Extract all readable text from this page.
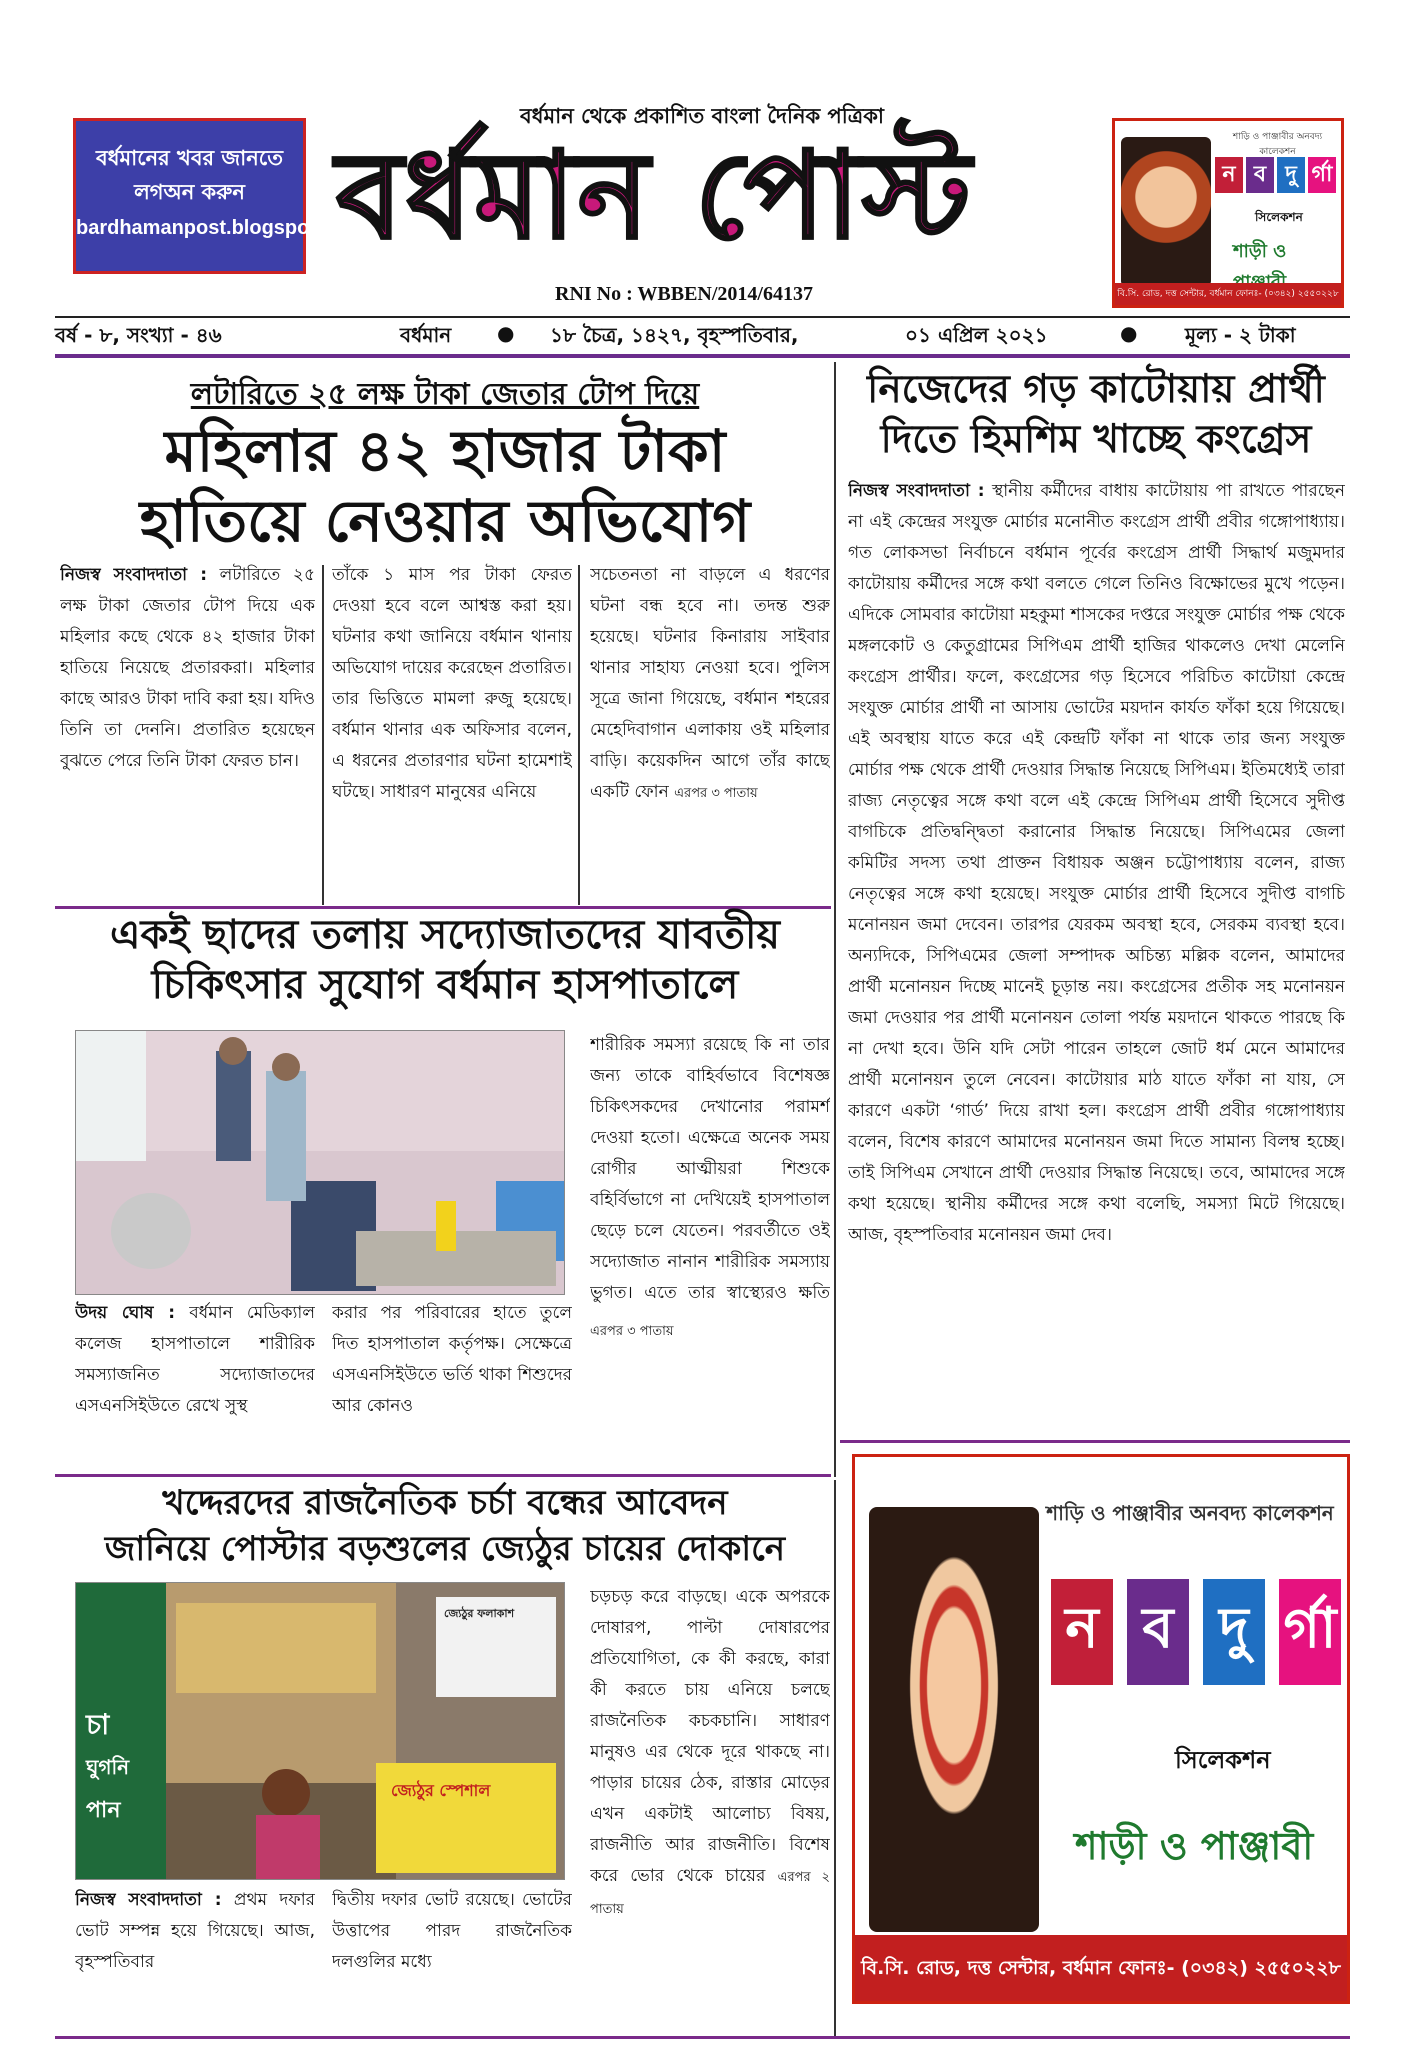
বর্ধমানের খবর জানতে
লগঅন করুন
bardhamanpost.blogspot.in
বর্ধমান থেকে প্রকাশিত বাংলা দৈনিক পত্রিকা
বর্ধমান পোস্ট
RNI No : WBBEN/2014/64137
শাড়ি ও পাঞ্জাবীর অনবদ্য কালেকশন
ন ব দু র্গা
সিলেকশন
শাড়ী ও
বি.সি. রোড, দত্ত সেন্টার, বর্ধমান ফোনঃ- (০৩৪২) ২৫৫০২২৮
বর্ষ - ৮, সংখ্যা - ৪৬	বর্ধমান ● ১৮ চৈত্র, ১৪২৭, বৃহস্পতিবার,	০১ এপ্রিল ২০২১	● মূল্য - ২ টাকা
লটারিতে ২৫ লক্ষ টাকা জেতার টোপ দিয়ে
মহিলার ৪২ হাজার টাকা
হাতিয়ে নেওয়ার অভিযোগ
নিজস্ব সংবাদদাতা : লটারিতে ২৫ লক্ষ টাকা জেতার টোপ দিয়ে এক মহিলার কছে থেকে ৪২ হাজার টাকা হাতিয়ে নিয়েছে প্রতারকরা। মহিলার কাছে আরও টাকা দাবি করা হয়। যদিও তিনি তা দেননি। প্রতারিত হয়েছেন বুঝতে পেরে তিনি টাকা ফেরত চান।
তাঁকে ১ মাস পর টাকা ফেরত দেওয়া হবে বলে আশ্বস্ত করা হয়। ঘটনার কথা জানিয়ে বর্ধমান থানায় অভিযোগ দায়ের করেছেন প্রতারিত। তার ভিত্তিতে মামলা রুজু হয়েছে। বর্ধমান থানার এক অফিসার বলেন, এ ধরনের প্রতারণার ঘটনা হামেশাই ঘটছে। সাধারণ মানুষের এনিয়ে
সচেতনতা না বাড়লে এ ধরণের ঘটনা বন্ধ হবে না। তদন্ত শুরু হয়েছে। ঘটনার কিনারায় সাইবার থানার সাহায্য নেওয়া হবে। পুলিস সূত্রে জানা গিয়েছে, বর্ধমান শহরের মেহেদিবাগান এলাকায় ওই মহিলার বাড়ি। কয়েকদিন আগে তাঁর কাছে একটি ফোন এরপর ৩ পাতায়
একই ছাদের তলায় সদ্যোজাতদের যাবতীয়
চিকিৎসার সুযোগ বর্ধমান হাসপাতালে
শারীরিক সমস্যা রয়েছে কি না তার জন্য তাকে বাহির্বভাবে বিশেষজ্ঞ চিকিৎসকদের দেখানোর পরামর্শ দেওয়া হতো। এক্ষেত্রে অনেক সময় রোগীর আত্মীয়রা শিশুকে বহির্বিভাগে না দেখিয়েই হাসপাতাল ছেড়ে চলে যেতেন। পরবর্তীতে ওই সদ্যোজাত নানান শারীরিক সমস্যায় ভুগত। এতে তার স্বাস্থ্যেরও ক্ষতি
উদয় ঘোষ : বর্ধমান মেডিক্যাল কলেজ হাসপাতালে শারীরিক সমস্যাজনিত সদ্যোজাতদের এসএনসিইউতে রেখে সুস্থ
করার পর পরিবারের হাতে তুলে দিত হাসপাতাল কর্তৃপক্ষ। সেক্ষেত্রে এসএনসিইউতে ভর্তি থাকা শিশুদের আর কোনও
এরপর ৩ পাতায়
নিজেদের গড় কাটোয়ায় প্রার্থী
দিতে হিমশিম খাচ্ছে কংগ্রেস
নিজস্ব সংবাদদাতা : স্থানীয় কর্মীদের বাধায় কাটোয়ায় পা রাখতে পারছেন না এই কেন্দ্রের সংযুক্ত মোর্চার মনোনীত কংগ্রেস প্রার্থী প্রবীর গঙ্গোপাধ্যায়। গত লোকসভা নির্বাচনে বর্ধমান পূর্বের কংগ্রেস প্রার্থী সিদ্ধার্থ মজুমদার কাটোয়ায় কর্মীদের সঙ্গে কথা বলতে গেলে তিনিও বিক্ষোভের মুখে পড়েন। এদিকে সোমবার কাটোয়া মহকুমা শাসকের দপ্তরে সংযুক্ত মোর্চার পক্ষ থেকে মঙ্গলকোট ও কেতুগ্রামের সিপিএম প্রার্থী হাজির থাকলেও দেখা মেলেনি কংগ্রেস প্রার্থীর। ফলে, কংগ্রেসের গড় হিসেবে পরিচিত কাটোয়া কেন্দ্রে সংযুক্ত মোর্চার প্রার্থী না আসায় ভোটের ময়দান কার্যত ফাঁকা হয়ে গিয়েছে। এই অবস্থায় যাতে করে এই কেন্দ্রটি ফাঁকা না থাকে তার জন্য সংযুক্ত মোর্চার পক্ষ থেকে প্রার্থী দেওয়ার সিদ্ধান্ত নিয়েছে সিপিএম। ইতিমধ্যেই তারা রাজ্য নেতৃত্বের সঙ্গে কথা বলে এই কেন্দ্রে সিপিএম প্রার্থী হিসেবে সুদীপ্ত বাগচিকে প্রতিদ্বন্দ্বিতা করানোর সিদ্ধান্ত নিয়েছে। সিপিএমের জেলা কমিটির সদস্য তথা প্রাক্তন বিধায়ক অঞ্জন চট্টোপাধ্যায় বলেন, রাজ্য নেতৃত্বের সঙ্গে কথা হয়েছে। সংযুক্ত মোর্চার প্রার্থী হিসেবে সুদীপ্ত বাগচি মনোনয়ন জমা দেবেন। তারপর যেরকম অবস্থা হবে, সেরকম ব্যবস্থা হবে। অন্যদিকে, সিপিএমের জেলা সম্পাদক অচিন্ত্য মল্লিক বলেন, আমাদের প্রার্থী মনোনয়ন দিচ্ছে মানেই চূড়ান্ত নয়। কংগ্রেসের প্রতীক সহ মনোনয়ন জমা দেওয়ার পর প্রার্থী মনোনয়ন তোলা পর্যন্ত ময়দানে থাকতে পারছে কি না দেখা হবে। উনি যদি সেটা পারেন তাহলে জোট ধর্ম মেনে আমাদের প্রার্থী মনোনয়ন তুলে নেবেন। কাটোয়ার মাঠ যাতে ফাঁকা না যায়, সে কারণে একটা ‘গার্ড’ দিয়ে রাখা হল। কংগ্রেস প্রার্থী প্রবীর গঙ্গোপাধ্যায় বলেন, বিশেষ কারণে আমাদের মনোনয়ন জমা দিতে সামান্য বিলম্ব হচ্ছে। তাই সিপিএম সেখানে প্রার্থী দেওয়ার সিদ্ধান্ত নিয়েছে। তবে, আমাদের সঙ্গে কথা হয়েছে। স্থানীয় কর্মীদের সঙ্গে কথা বলেছি, সমস্যা মিটে গিয়েছে। আজ, বৃহস্পতিবার মনোনয়ন জমা দেব।
খদ্দেরদের রাজনৈতিক চর্চা বন্ধের আবেদন
জানিয়ে পোস্টার বড়শুলের জ্যেঠুর চায়ের দোকানে
চা
ঘুগনি
পান
জ্যেঠুর স্পেশাল
জ্যেঠুর ফলাকাশ
চড়চড় করে বাড়ছে। একে অপরকে দোষারপ, পাল্টা দোষারপের প্রতিযোগিতা, কে কী করছে, কারা কী করতে চায় এনিয়ে চলছে রাজনৈতিক কচকচানি। সাধারণ মানুষও এর থেকে দূরে থাকছে না। পাড়ার চায়ের ঠেক, রাস্তার মোড়ের এখন একটাই আলোচ্য বিষয়, রাজনীতি আর রাজনীতি। বিশেষ করে ভোর থেকে চায়ের এরপর ২ পাতায়
নিজস্ব সংবাদদাতা : প্রথম দফার ভোট সম্পন্ন হয়ে গিয়েছে। আজ, বৃহস্পতিবার
দ্বিতীয় দফার ভোট রয়েছে। ভোটের উত্তাপের পারদ রাজনৈতিক দলগুলির মধ্যে
শাড়ি ও পাঞ্জাবীর অনবদ্য কালেকশন
ন ব দু র্গা
সিলেকশন
শাড়ী ও পাঞ্জাবী
বি.সি. রোড, দত্ত সেন্টার, বর্ধমান ফোনঃ- (০৩৪২) ২৫৫০২২৮
